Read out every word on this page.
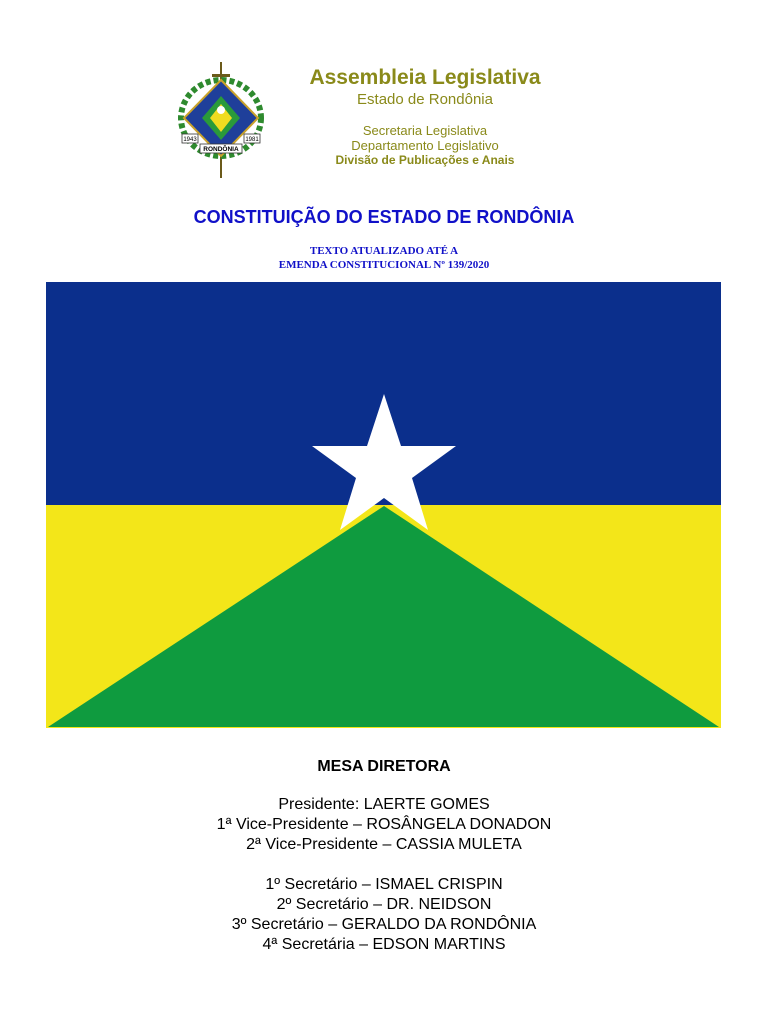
1943	1981
RONDÔNIA
Assembleia Legislativa
Estado de Rondônia
Secretaria Legislativa
Departamento Legislativo
Divisão de Publicações e Anais
CONSTITUIÇÃO DO ESTADO DE RONDÔNIA
TEXTO ATUALIZADO ATÉ A
EMENDA CONSTITUCIONAL Nº 139/2020
MESA DIRETORA
Presidente: LAERTE GOMES
1ª Vice-Presidente – ROSÂNGELA DONADON
2ª Vice-Presidente – CASSIA MULETA
1º Secretário – ISMAEL CRISPIN
2º Secretário – DR. NEIDSON
3º Secretário – GERALDO DA RONDÔNIA
4ª Secretária – EDSON MARTINS
